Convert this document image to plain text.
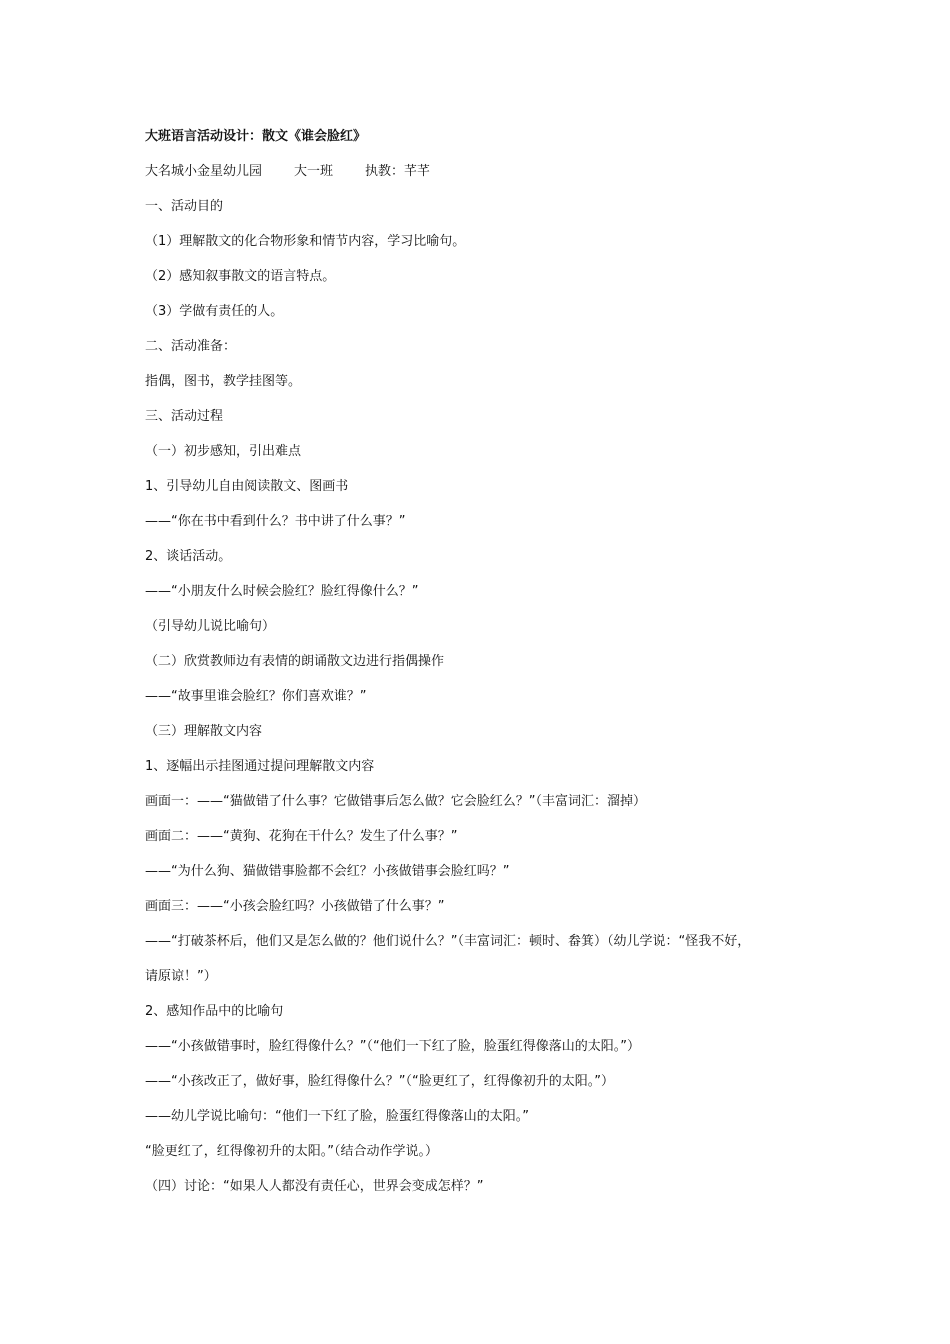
大班语言活动设计：散文《谁会脸红》
大名城小金星幼儿园 大一班 执教：芊芊
一、活动目的
（1）理解散文的化合物形象和情节内容，学习比喻句。
（2）感知叙事散文的语言特点。
（3）学做有责任的人。
二、活动准备：
指偶，图书，教学挂图等。
三、活动过程
（一）初步感知，引出难点
1、引导幼儿自由阅读散文、图画书
——“你在书中看到什么？书中讲了什么事？”
2、谈话活动。
——“小朋友什么时候会脸红？脸红得像什么？”
（引导幼儿说比喻句）
（二）欣赏教师边有表情的朗诵散文边进行指偶操作
——“故事里谁会脸红？你们喜欢谁？”
（三）理解散文内容
1、逐幅出示挂图通过提问理解散文内容
画面一：——“猫做错了什么事？它做错事后怎么做？它会脸红么？”（丰富词汇：溜掉）
画面二：——“黄狗、花狗在干什么？发生了什么事？”
——“为什么狗、猫做错事脸都不会红？小孩做错事会脸红吗？”
画面三：——“小孩会脸红吗？小孩做错了什么事？”
——“打破茶杯后，他们又是怎么做的？他们说什么？”（丰富词汇：顿时、畚箕）（幼儿学说：“怪我不好，
请原谅！”）
2、感知作品中的比喻句
——“小孩做错事时，脸红得像什么？”（“他们一下红了脸，脸蛋红得像落山的太阳。”）
——“小孩改正了，做好事，脸红得像什么？”（“脸更红了，红得像初升的太阳。”）
——幼儿学说比喻句：“他们一下红了脸，脸蛋红得像落山的太阳。”
“脸更红了，红得像初升的太阳。”（结合动作学说。）
（四）讨论：“如果人人都没有责任心，世界会变成怎样？”
